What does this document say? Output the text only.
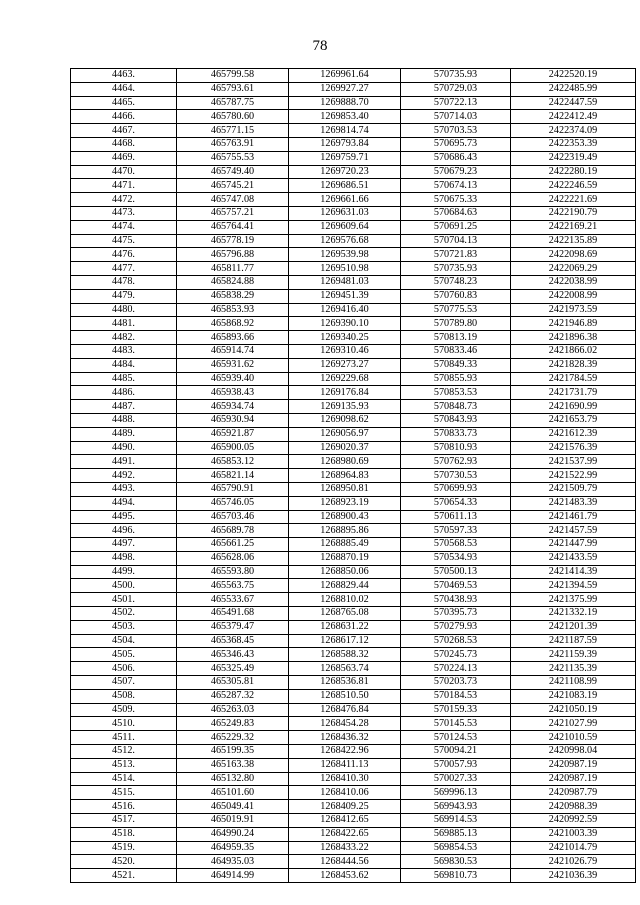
78
4463.	465799.58	1269961.64	570735.93	2422520.19
4464.	465793.61	1269927.27	570729.03	2422485.99
4465.	465787.75	1269888.70	570722.13	2422447.59
4466.	465780.60	1269853.40	570714.03	2422412.49
4467.	465771.15	1269814.74	570703.53	2422374.09
4468.	465763.91	1269793.84	570695.73	2422353.39
4469.	465755.53	1269759.71	570686.43	2422319.49
4470.	465749.40	1269720.23	570679.23	2422280.19
4471.	465745.21	1269686.51	570674.13	2422246.59
4472.	465747.08	1269661.66	570675.33	2422221.69
4473.	465757.21	1269631.03	570684.63	2422190.79
4474.	465764.41	1269609.64	570691.25	2422169.21
4475.	465778.19	1269576.68	570704.13	2422135.89
4476.	465796.88	1269539.98	570721.83	2422098.69
4477.	465811.77	1269510.98	570735.93	2422069.29
4478.	465824.88	1269481.03	570748.23	2422038.99
4479.	465838.29	1269451.39	570760.83	2422008.99
4480.	465853.93	1269416.40	570775.53	2421973.59
4481.	465868.92	1269390.10	570789.80	2421946.89
4482.	465893.66	1269340.25	570813.19	2421896.38
4483.	465914.74	1269310.46	570833.46	2421866.02
4484.	465931.62	1269273.27	570849.33	2421828.39
4485.	465939.40	1269229.68	570855.93	2421784.59
4486.	465938.43	1269176.84	570853.53	2421731.79
4487.	465934.74	1269135.93	570848.73	2421690.99
4488.	465930.94	1269098.62	570843.93	2421653.79
4489.	465921.87	1269056.97	570833.73	2421612.39
4490.	465900.05	1269020.37	570810.93	2421576.39
4491.	465853.12	1268980.69	570762.93	2421537.99
4492.	465821.14	1268964.83	570730.53	2421522.99
4493.	465790.91	1268950.81	570699.93	2421509.79
4494.	465746.05	1268923.19	570654.33	2421483.39
4495.	465703.46	1268900.43	570611.13	2421461.79
4496.	465689.78	1268895.86	570597.33	2421457.59
4497.	465661.25	1268885.49	570568.53	2421447.99
4498.	465628.06	1268870.19	570534.93	2421433.59
4499.	465593.80	1268850.06	570500.13	2421414.39
4500.	465563.75	1268829.44	570469.53	2421394.59
4501.	465533.67	1268810.02	570438.93	2421375.99
4502.	465491.68	1268765.08	570395.73	2421332.19
4503.	465379.47	1268631.22	570279.93	2421201.39
4504.	465368.45	1268617.12	570268.53	2421187.59
4505.	465346.43	1268588.32	570245.73	2421159.39
4506.	465325.49	1268563.74	570224.13	2421135.39
4507.	465305.81	1268536.81	570203.73	2421108.99
4508.	465287.32	1268510.50	570184.53	2421083.19
4509.	465263.03	1268476.84	570159.33	2421050.19
4510.	465249.83	1268454.28	570145.53	2421027.99
4511.	465229.32	1268436.32	570124.53	2421010.59
4512.	465199.35	1268422.96	570094.21	2420998.04
4513.	465163.38	1268411.13	570057.93	2420987.19
4514.	465132.80	1268410.30	570027.33	2420987.19
4515.	465101.60	1268410.06	569996.13	2420987.79
4516.	465049.41	1268409.25	569943.93	2420988.39
4517.	465019.91	1268412.65	569914.53	2420992.59
4518.	464990.24	1268422.65	569885.13	2421003.39
4519.	464959.35	1268433.22	569854.53	2421014.79
4520.	464935.03	1268444.56	569830.53	2421026.79
4521.	464914.99	1268453.62	569810.73	2421036.39
